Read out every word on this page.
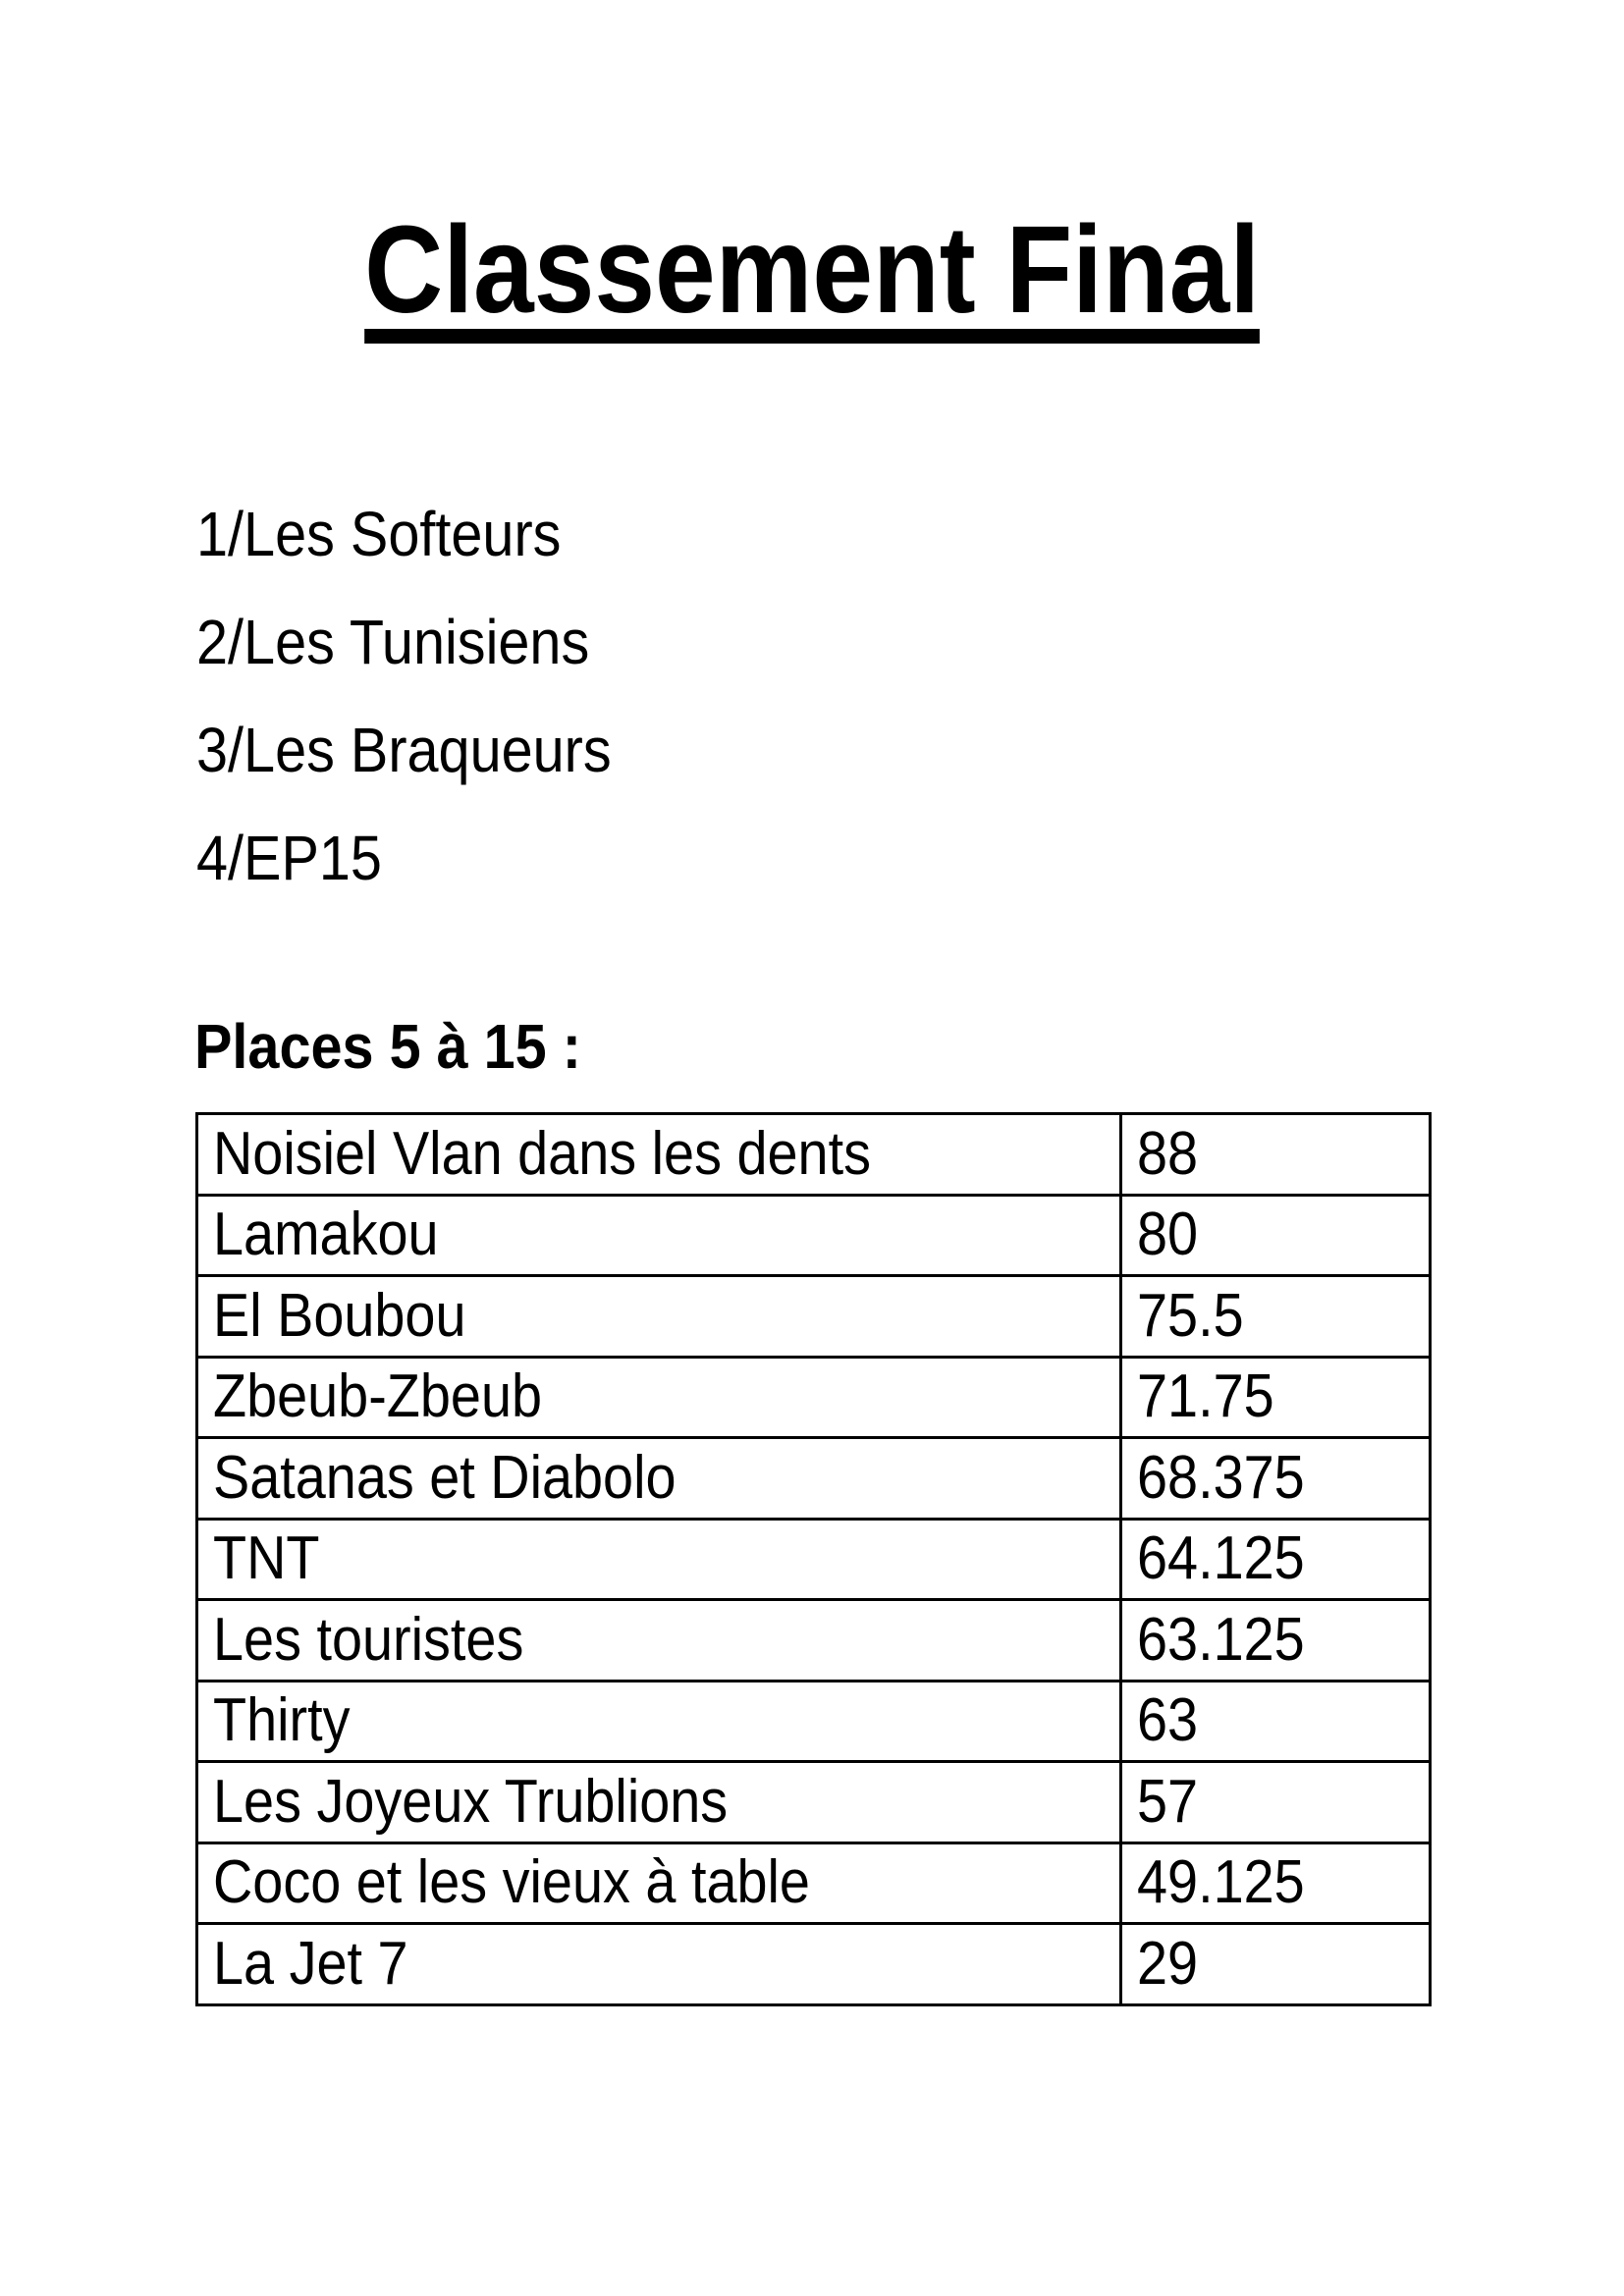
Classement Final
1/Les Softeurs
2/Les Tunisiens
3/Les Braqueurs
4/EP15
Places 5 à 15 :
Noisiel Vlan dans les dents	88
Lamakou	80
El Boubou	75.5
Zbeub-Zbeub	71.75
Satanas et Diabolo	68.375
TNT	64.125
Les touristes	63.125
Thirty	63
Les Joyeux Trublions	57
Coco et les vieux à table	49.125
La Jet 7	29
